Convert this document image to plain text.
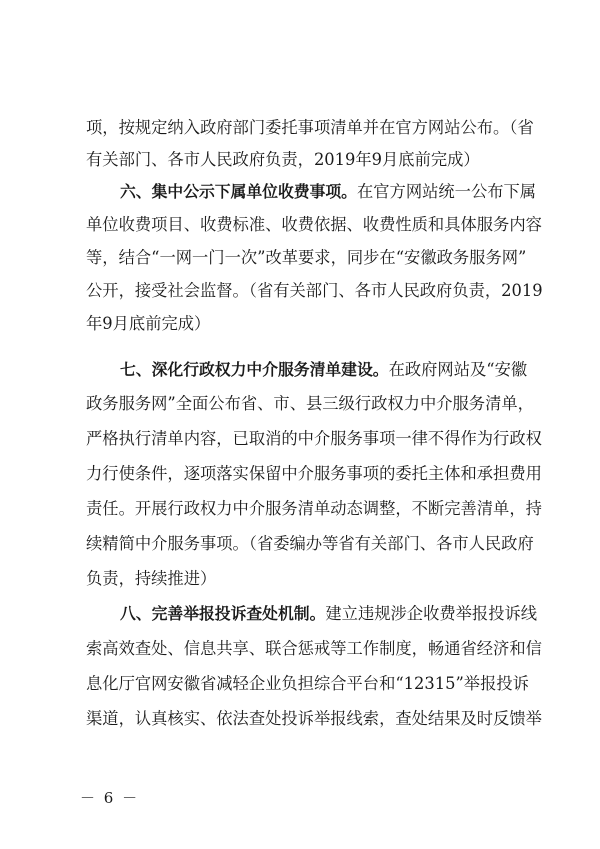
项，按规定纳入政府部门委托事项清单并在官方网站公布。（省
有关部门、各市人民政府负责，2019年9月底前完成）
六、集中公示下属单位收费事项。在官方网站统一公布下属
单位收费项目、收费标准、收费依据、收费性质和具体服务内容
等，结合“一网一门一次”改革要求，同步在“安徽政务服务网”
公开，接受社会监督。（省有关部门、各市人民政府负责，2019
年9月底前完成）
七、深化行政权力中介服务清单建设。在政府网站及“安徽
政务服务网”全面公布省、市、县三级行政权力中介服务清单，
严格执行清单内容，已取消的中介服务事项一律不得作为行政权
力行使条件，逐项落实保留中介服务事项的委托主体和承担费用
责任。开展行政权力中介服务清单动态调整，不断完善清单，持
续精简中介服务事项。（省委编办等省有关部门、各市人民政府
负责，持续推进）
八、完善举报投诉查处机制。建立违规涉企收费举报投诉线
索高效查处、信息共享、联合惩戒等工作制度，畅通省经济和信
息化厅官网安徽省减轻企业负担综合平台和“12315”举报投诉
渠道，认真核实、依法查处投诉举报线索，查处结果及时反馈举
－ 6 －
